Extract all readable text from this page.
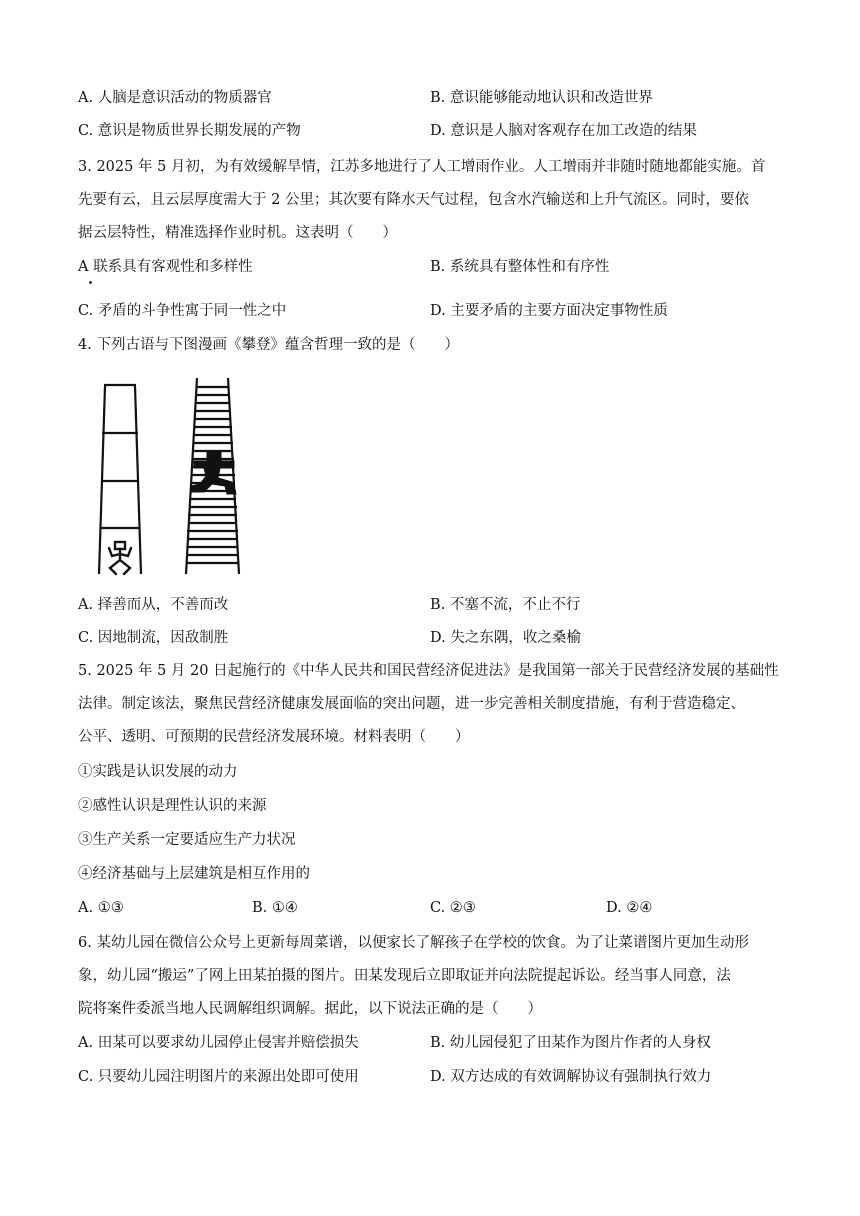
A. 人脑是意识活动的物质器官	B. 意识能够能动地认识和改造世界
C. 意识是物质世界长期发展的产物	D. 意识是人脑对客观存在加工改造的结果
3. 2025 年 5 月初，为有效缓解旱情，江苏多地进行了人工增雨作业。人工增雨并非随时随地都能实施。首
先要有云，且云层厚度需大于 2 公里；其次要有降水天气过程，包含水汽输送和上升气流区。同时，要依
据云层特性，精准选择作业时机。这表明（　　）
A 联系具有客观性和多样性	B. 系统具有整体性和有序性
C. 矛盾的斗争性寓于同一性之中	D. 主要矛盾的主要方面决定事物性质
4. 下列古语与下图漫画《攀登》蕴含哲理一致的是（　　）
A. 择善而从，不善而改	B. 不塞不流，不止不行
C. 因地制流，因敌制胜	D. 失之东隅，收之桑榆
5. 2025 年 5 月 20 日起施行的《中华人民共和国民营经济促进法》是我国第一部关于民营经济发展的基础性
法律。制定该法，聚焦民营经济健康发展面临的突出问题，进一步完善相关制度措施，有利于营造稳定、
公平、透明、可预期的民营经济发展环境。材料表明（　　）
①实践是认识发展的动力
②感性认识是理性认识的来源
③生产关系一定要适应生产力状况
④经济基础与上层建筑是相互作用的
A. ①③	B. ①④	C. ②③	D. ②④
6. 某幼儿园在微信公众号上更新每周菜谱，以便家长了解孩子在学校的饮食。为了让菜谱图片更加生动形
象，幼儿园“搬运”了网上田某拍摄的图片。田某发现后立即取证并向法院提起诉讼。经当事人同意，法
院将案件委派当地人民调解组织调解。据此，以下说法正确的是（　　）
A. 田某可以要求幼儿园停止侵害并赔偿损失	B. 幼儿园侵犯了田某作为图片作者的人身权
C. 只要幼儿园注明图片的来源出处即可使用	D. 双方达成的有效调解协议有强制执行效力
